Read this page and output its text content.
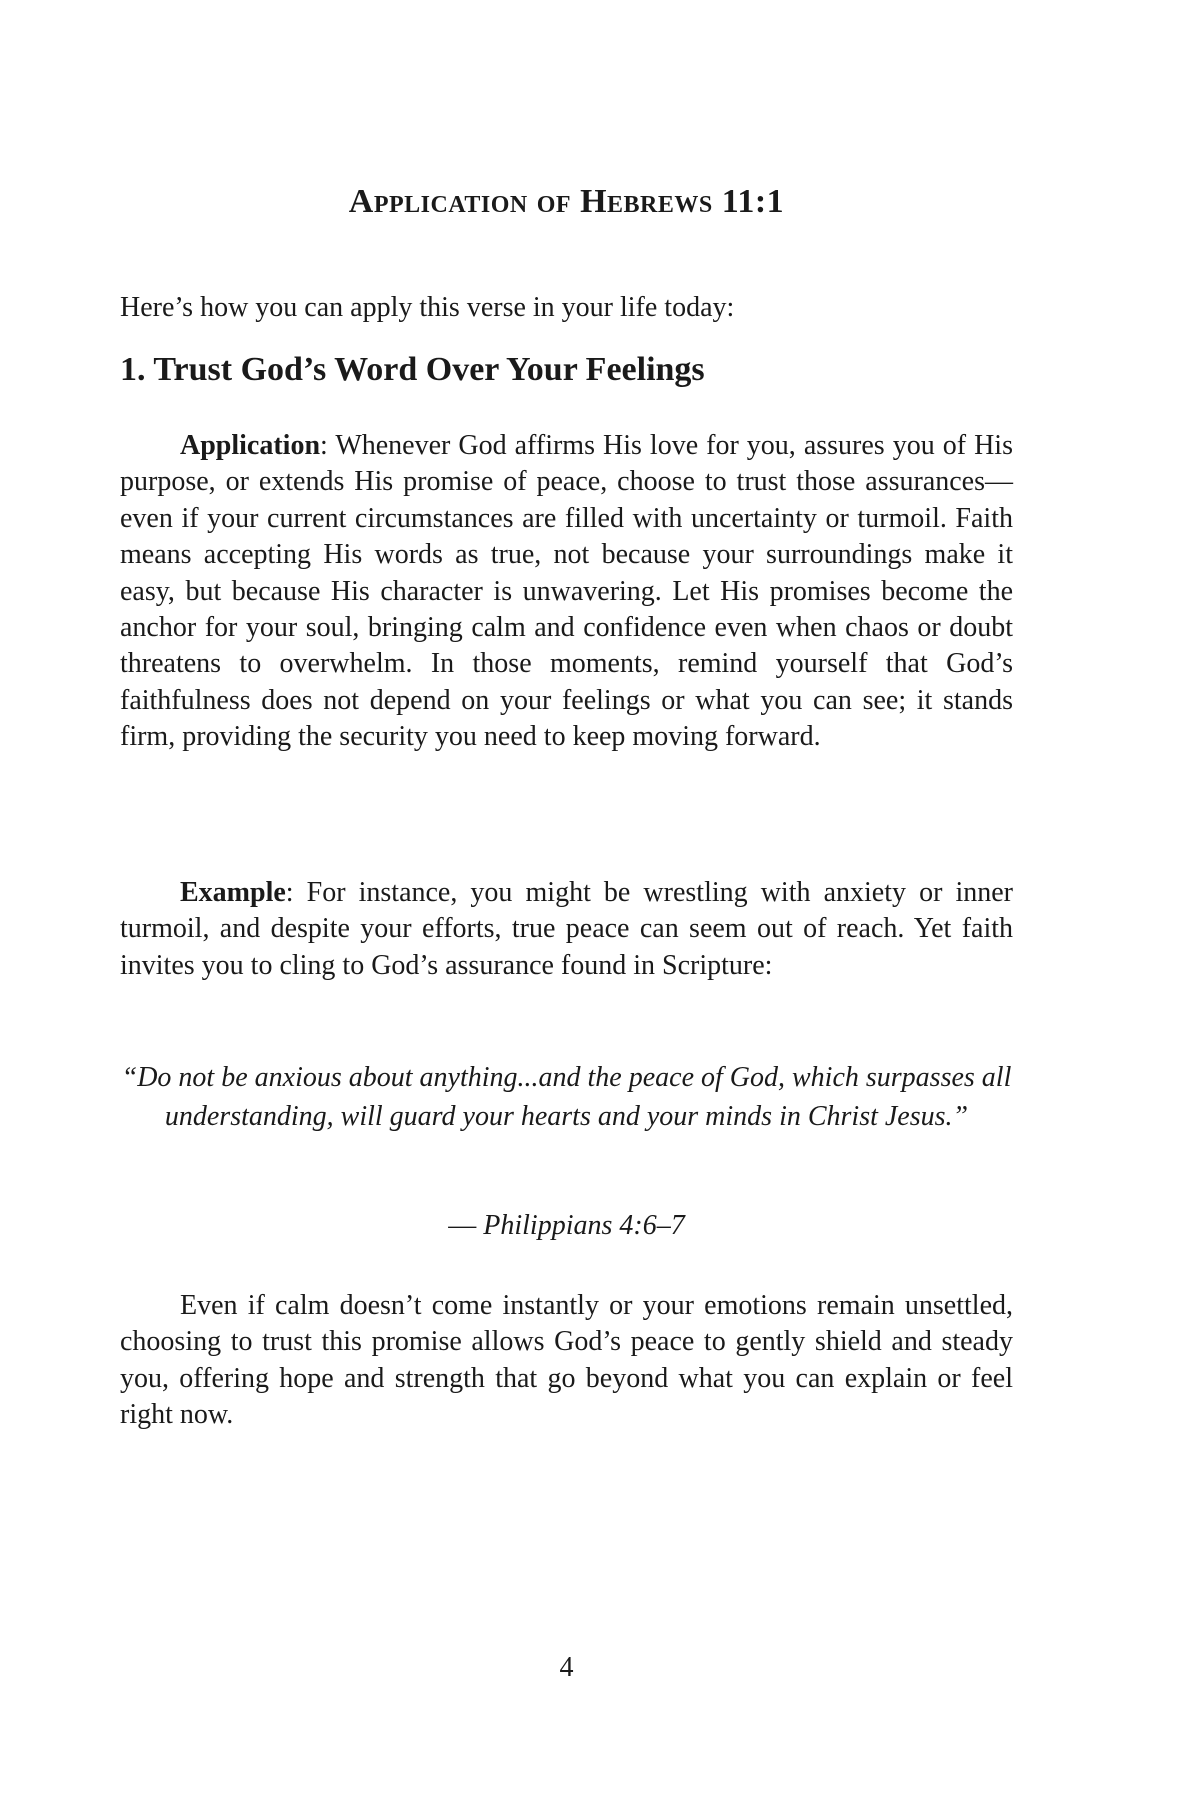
Application of Hebrews 11:1

Here’s how you can apply this verse in your life today:

1. Trust God’s Word Over Your Feelings

Application: Whenever God affirms His love for you, assures you of His purpose, or extends His promise of peace, choose to trust those assurances—even if your current circumstances are filled with uncertainty or turmoil. Faith means accepting His words as true, not because your surroundings make it easy, but because His character is unwavering. Let His promises become the anchor for your soul, bringing calm and confidence even when chaos or doubt threatens to overwhelm. In those moments, remind yourself that God’s faithfulness does not depend on your feelings or what you can see; it stands firm, providing the security you need to keep moving forward.

Example: For instance, you might be wrestling with anxiety or inner turmoil, and despite your efforts, true peace can seem out of reach. Yet faith invites you to cling to God’s assurance found in Scripture:

“Do not be anxious about anything...and the peace of God, which surpasses all understanding, will guard your hearts and your minds in Christ Jesus.”

— Philippians 4:6–7

Even if calm doesn’t come instantly or your emotions remain unsettled, choosing to trust this promise allows God’s peace to gently shield and steady you, offering hope and strength that go beyond what you can explain or feel right now.

4
